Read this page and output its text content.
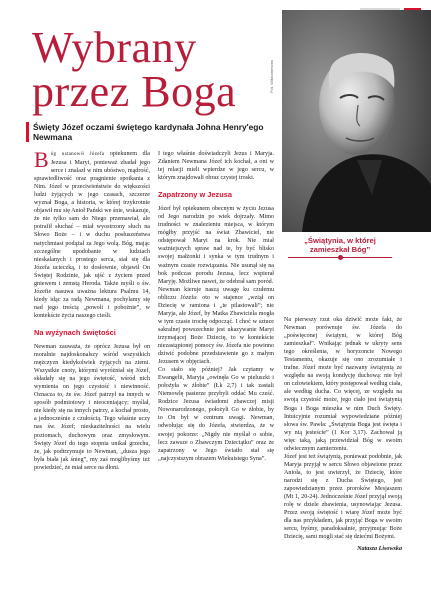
Wybrany
przez Boga
Święty Józef oczami świętego kardynała Johna Henry'ego Newmana
Fot. Wikicommons
„Świątynia, w której zamieszkał Bóg”

Bóg ustanowił Józefa opiekunem dla Jezusa i Maryi, ponieważ zbadał jego serce i znalazł w nim ubóstwo, mądrość, sprawiedliwość oraz pragnienie spotkania z Nim. Józef w przeciwieństwie do większości ludzi żyjących w jego czasach, szczerze wyznał Boga, a historia, w której trzykrotnie objawił mu się Anioł Pański we śnie, wskazuje, że nie tylko sam do Niego przemawiał, ale potrafił słuchać – miał wyostrzony słuch na Słowo Boże – i w duchu posłuszeństwa natychmiast podążał za Jego wolą. Bóg, mając szczególne upodobanie w ludziach nieskalanych i prostego serca, stał się dla Józefa ucieczką, i to dosłownie, objawił On Świętej Rodzinie, jak ujść z życiem przed gniewem i zemstą Heroda. Także myśli o św. Józefie nasuwa uważna lektura Psalmu 14, kiedy idąc za radą Newmana, pochylamy się nad jego treścią „powoli i pobożnie”, w kontekście życia naszego cieśli.

Na wyżynach świętości

Newman zauważa, że oprócz Jezusa był on moralnie najdoskonalszy wśród wszystkich mężczyzn kiedykolwiek żyjących na ziemi. Wszystkie cnoty, którymi wyróżniał się Józef, składały się na jego świętość, wśród nich wymienia on jego czystość i niewinność. Oznacza to, że św. Józef patrzył na innych w sposób podmiotowy i nieoceniający; myślał, nie kiedy się na innych patrzy, a kochał prosto, a jednocześnie z czułością. Tego właśnie uczy nas św. Józef; nieskazitelności na wielu poziomach, duchowym oraz zmysłowym. Święty Józef do tego stopnia unikał grzechu, że, jak podtrzymuje to Newman, „dusza jego była biała jak śnieg”, my zaś moglibyśmy też powiedzieć, że miał serce na dłoni.

I tego właśnie doświadczyli Jezus i Maryja. Zdaniem Newmana Józef ich kochał, a oni w tej relacji mieli wpierdze w jego sercu, w którym znajdowali obraz czystej troski.

Zapatrzony w Jezusa

Józef był opiekunem obecnym w życiu Jezusa od Jego narodzin po wiek dojrzały. Mimo trudności w znalezieniu miejsca, w którym mógłby przyjść na świat Zbawiciel, nie odstępował Maryi na krok. Nie miał ważniejszych spraw nad te, by być blisko swojej małżonki i synka w tym trudnym i ważnym czasie rozwiązania. Nie usunął się na bok podczas porodu Jezusa, lecz wspierał Maryję. Możliwe nawet, że odebrał sam poród.

Newman kieruje naszą uwagę ku czułemu obliczu Józefa: oto w stajence „wziął on Dziecię w ramiona i „te pilastowali”; nie Maryja, ale Józef, by Matka Zbawiciela mogła w tym czasie trochę odpocząć. I choć w sztuce sakralnej powszechnie jest ukazywanie Maryi trzymającej Boże Dziecię, to w kontekście niezastąpionej pomocy św. Józefa nie powinno dziwić podobne przedstawienie go z małym Jezusem w objęciach.

Co stało się później? Jak czytamy w Ewangelii, Maryja „owinęła Go w pieluszki i położyła w żłobie” (Łk 2,7) i tak zastali Niemowlę pasterze przybyli oddać Mu cześć. Rodzice Jezusa świadomi zbawczej misji Nowonarodzonego, położyli Go w żłobie, by to On był w centrum uwagi. Newman, odwołując się do Józefa, stwierdza, że w swojej pokorze: „Nigdy nie myślał o sobie, lecz zawsze o Zbawczym Dzieciątku” oraz że zapatrzony w Jego światło stał się „najczystszym obrazem Wiekuistego Syna”.

Na pierwszy rzut oka dziwić może fakt, że Newman porównuje św. Józefa do „poświęconej świątyni, w której Bóg zamieszkał”. Wnikając jednak w ukryty sens tego określenia, w horyzoncie Nowego Testamentu, okazuje się ono zrozumiałe i trafne. Józef może być nazwany świątynią ze względu na swoją kondycję duchową: nie był on człowiekiem, który postępował według ciała, ale według ducha. Co więcej, ze względu na swoją czystość może, jego ciało jest świątynią Boga i Boga mieszka w nim Duch Święty. Intuicyjnie rozumiał wypowiedziane później słowa św. Pawła: „Świątynia Boga jest święta i wy nią jesteście” (1 Kor 3,17). Zachował ją więc taką, jaką przewidział Bóg w swoim odwiecznym zamierzeniu.

Józef jest też świątynią, ponieważ podobnie, jak Maryja przyjął w sercu Słowo objawione przez Anioła, to jest uwierzył, że Dziecię, które narodzi się z Ducha Świętego, jest zapowiedzianym przez proroków Mesjaszem (Mt 1, 20-24). Jednocześnie Józef przyjął swoją rolę w dziele zbawienia, usynowiając Jezusa. Przez swoją świętość i wiarę Józef może być dla nas przykładem, jak przyjąć Boga w swoim sercu, byśmy, paradoksalnie, przyjmując Boże Dziecię, sami mogli stać się dziećmi Bożymi.

Natasza Lisowska
